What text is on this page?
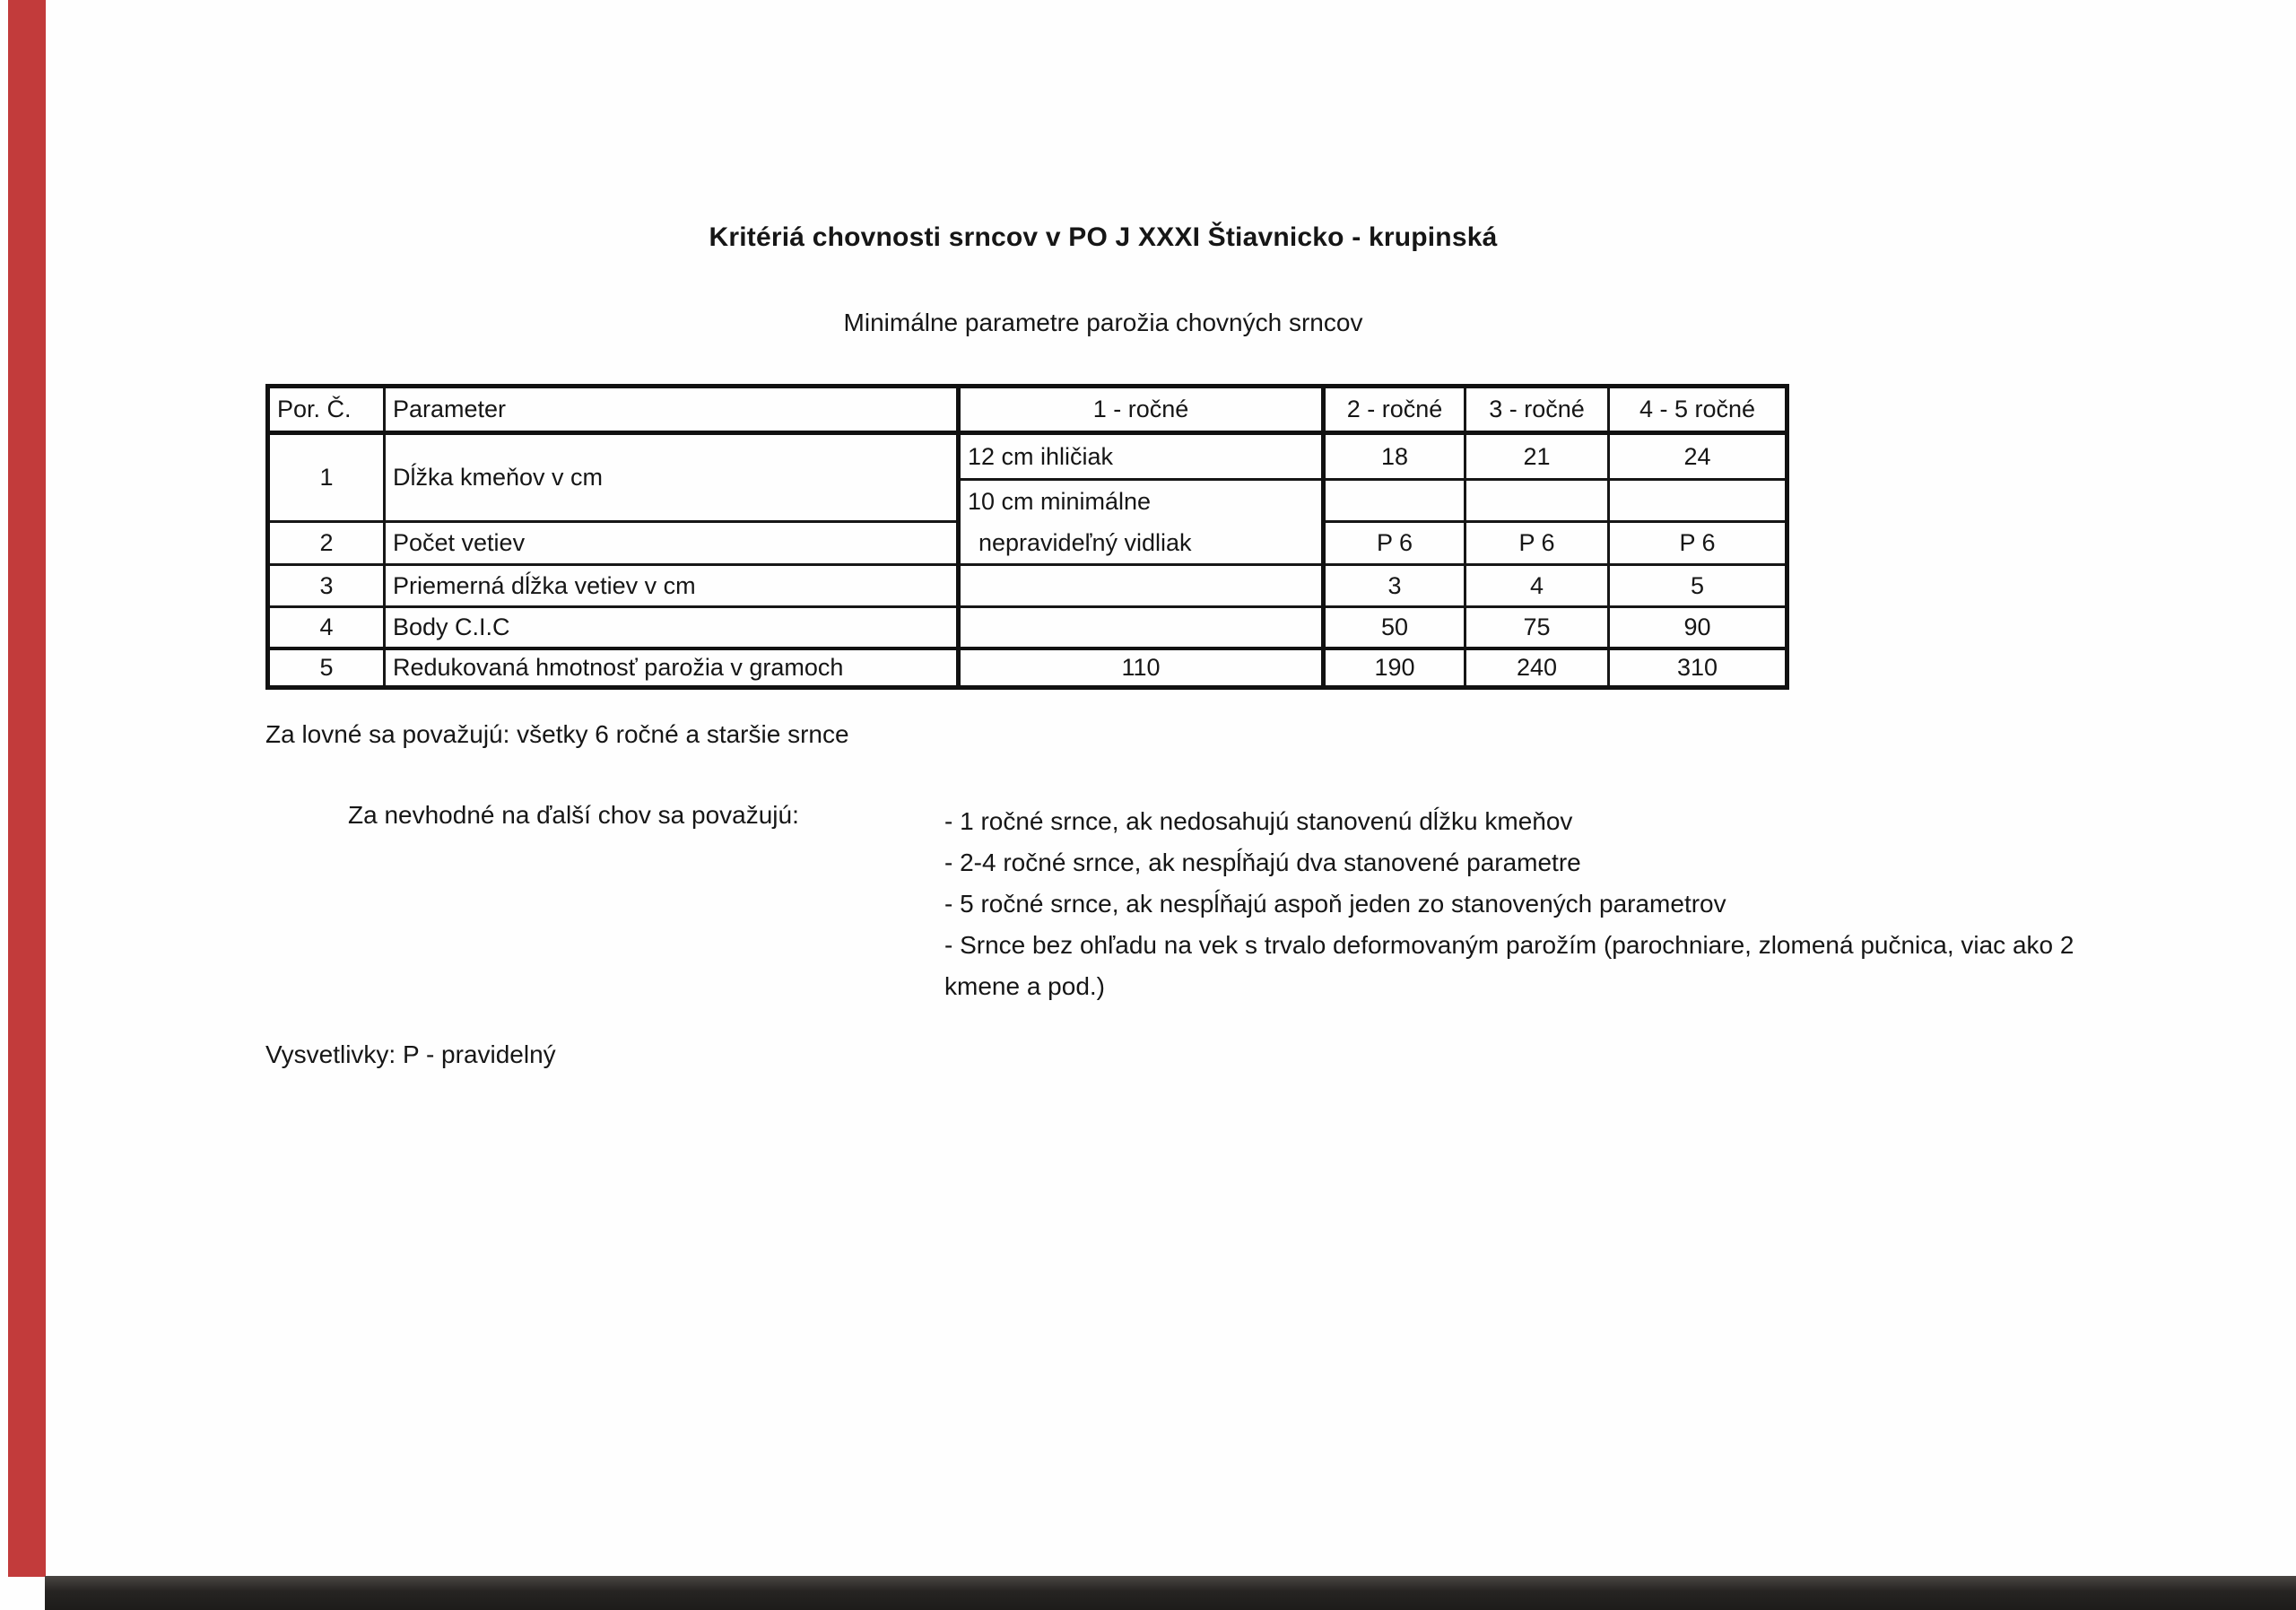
Kritériá chovnosti srncov v PO J XXXI Štiavnicko - krupinská
Minimálne parametre parožia chovných srncov
Por. Č.	Parameter	1 - ročné	2 - ročné	3 - ročné	4 - 5 ročné
1	Dĺžka kmeňov v cm	12 cm ihličiak	18	21	24

		10 cm minimálne
nepravideľný vidliak			

2	Počet vetiev		P 6	P 6	P 6
3	Priemerná dĺžka vetiev v cm		3	4	5
4	Body C.I.C		50	75	90
5	Redukovaná hmotnosť parožia v gramoch	110	190	240	310
Za lovné sa považujú: všetky 6 ročné a staršie srnce
Za nevhodné na ďalší chov sa považujú:	- 1 ročné srnce, ak nedosahujú stanovenú dĺžku kmeňov
- 2-4 ročné srnce, ak nespĺňajú dva stanovené parametre
- 5 ročné srnce, ak nespĺňajú aspoň jeden zo stanovených parametrov
- Srnce bez ohľadu na vek s trvalo deformovaným parožím (parochniare, zlomená pučnica, viac ako 2 kmene a pod.)
Vysvetlivky: P - pravidelný
